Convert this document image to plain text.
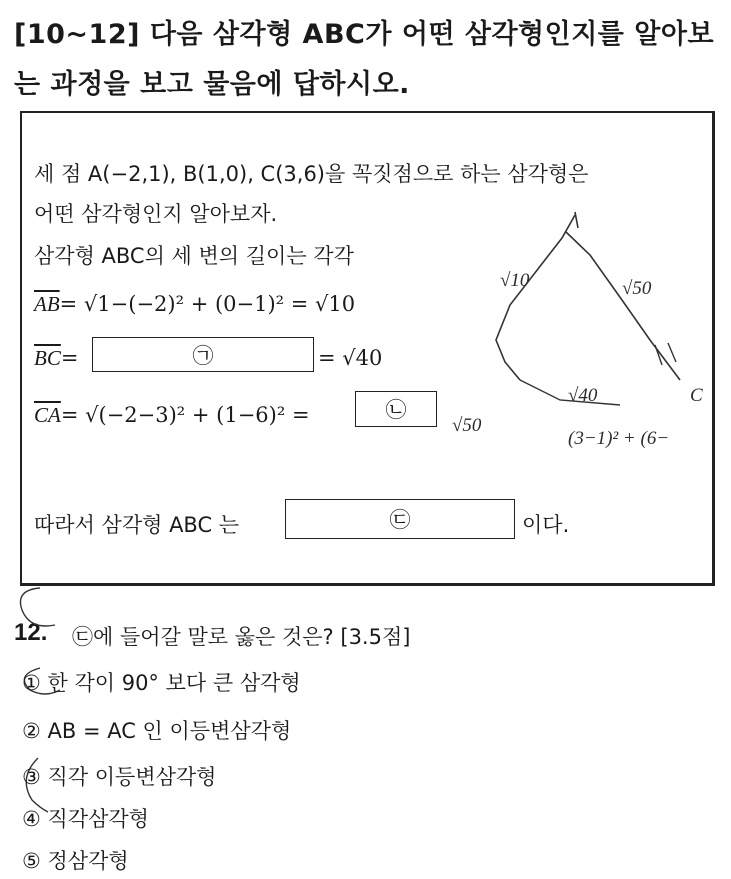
[10~12] 다음 삼각형 ABC가 어떤 삼각형인지를 알아보
는 과정을 보고 물음에 답하시오.
세 점 A(−2,1), B(1,0), C(3,6)을 꼭짓점으로 하는 삼각형은
어떤 삼각형인지 알아보자.
삼각형 ABC의 세 변의 길이는 각각
$\overline{AB}= √1-(-2)^2 + (0-1)^2 = √10$
$\overline{BC}=$	㉠	= √40
$\overline{CA}= √(-2-3)^2 + (1-6)^2$ =	㉡
따라서 삼각형 ABC 는	㉢	이다.
√10	√50
√40
√50
(3−1)² + (6−
C
12. ㉢에 들어갈 말로 옳은 것은? [3.5점]
① 한 각이 90° 보다 큰 삼각형
② AB = AC 인 이등변삼각형
③ 직각 이등변삼각형
④ 직각삼각형
⑤ 정삼각형
